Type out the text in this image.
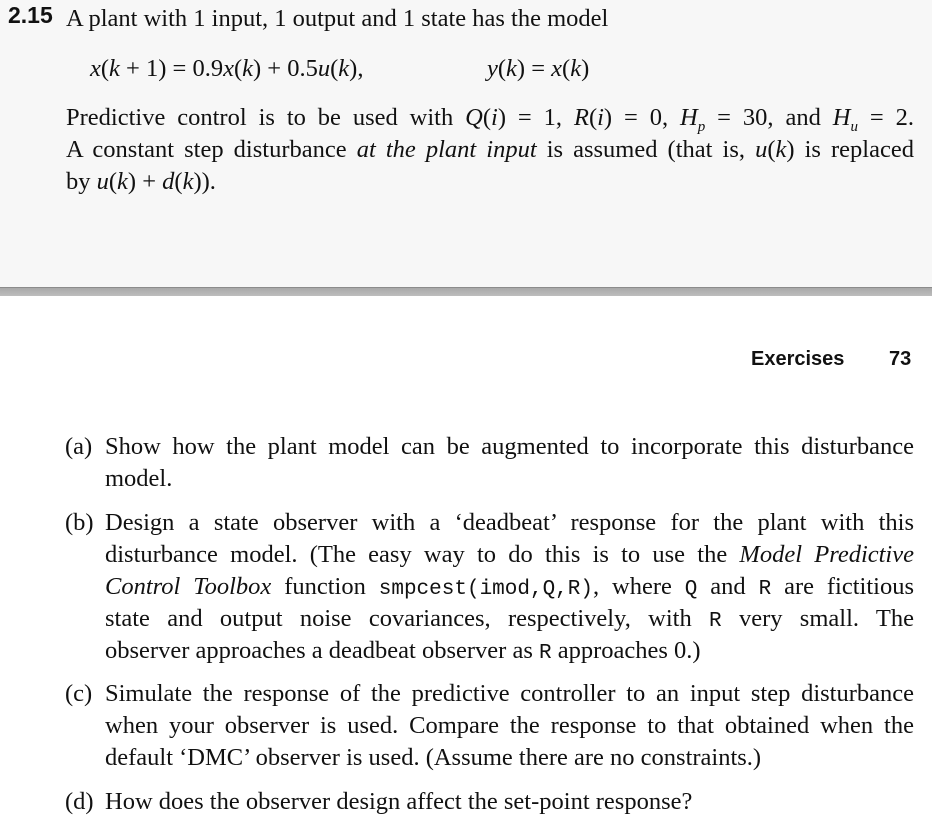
2.15 A plant with 1 input, 1 output and 1 state has the model
x(k + 1) = 0.9x(k) + 0.5u(k),	y(k) = x(k)
Predictive control is to be used with Q(i) = 1, R(i) = 0, $H_p = 30$, and $H_u = 2$.
A constant step disturbance at the plant input is assumed (that is, u(k) is replaced
by u(k) + d(k)).
Exercises 73
(a) Show how the plant model can be augmented to incorporate this disturbance
model.
(b) Design a state observer with a ‘deadbeat’ response for the plant with this
disturbance model. (The easy way to do this is to use the Model Predictive
Control Toolbox function smpcest(imod,Q,R), where Q and R are fictitious
state and output noise covariances, respectively, with R very small. The
observer approaches a deadbeat observer as R approaches 0.)
(c) Simulate the response of the predictive controller to an input step disturbance
when your observer is used. Compare the response to that obtained when the
default ‘DMC’ observer is used. (Assume there are no constraints.)
(d) How does the observer design affect the set-point response?
